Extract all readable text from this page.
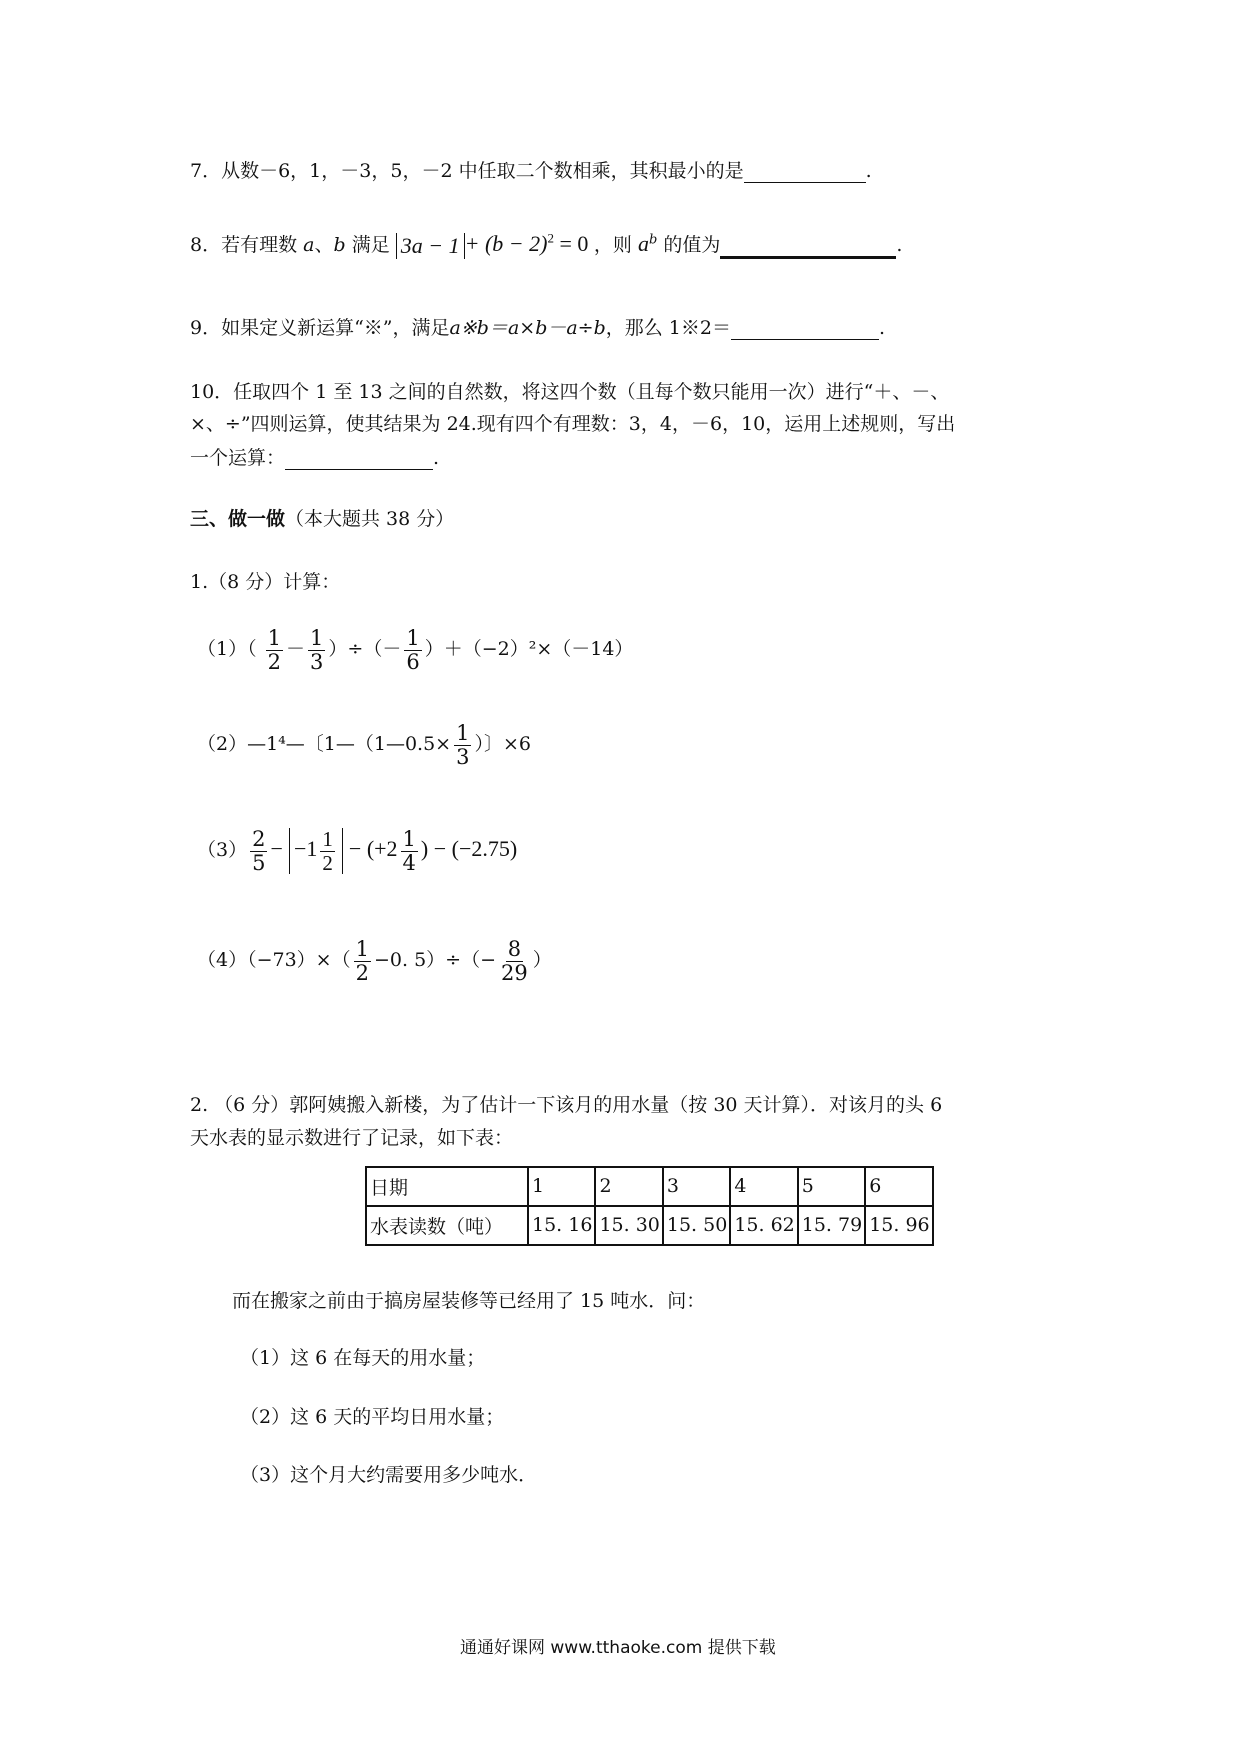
7．从数－6，1，－3，5，－2 中任取二个数相乘，其积最小的是	.
8．若有理数 a、b 满足 $3a - 1 + (b - 2)^2 = 0$ ，则 $a^b$ 的值为	.
9．如果定义新运算“※”，满足a※b＝a×b－a÷b，那么 1※2＝	.
10．任取四个 1 至 13 之间的自然数，将这四个数（且每个数只能用一次）进行“＋、－、
×、÷”四则运算，使其结果为 24.现有四个有理数：3，4，－6，10，运用上述规则，写出
一个运算：	.
三、做一做（本大题共 38 分）
1.（8 分）计算：
$(1)( \frac{1}{2} - \frac{1}{3}$ ）÷（－ $\frac{1}{6} )+(-2)^2\times(-14)$
（2）—1⁴—〔1—（1—0.5× $\frac{1}{3}$ ）〕×6
$(3) \frac{2}{5} - -1 \frac{1}{2} - (+2 \frac{1}{4}$ ) − (−2.75)
$(4)(-73)\times( \frac{1}{2} -0$. $5)\div(- \frac{8}{29}$ ）
2. （6 分）郭阿姨搬入新楼，为了估计一下该月的用水量（按 30 天计算）．对该月的头 6
天水表的显示数进行了记录，如下表：
日期	1	2	3	4	5	6
水表读数（吨）	15. 16	15. 30	15. 50	15. 62	15. 79	15. 96
而在搬家之前由于搞房屋装修等已经用了 15 吨水．问：
（1）这 6 在每天的用水量；
（2）这 6 天的平均日用水量；
（3）这个月大约需要用多少吨水．
通通好课网 www.tthaoke.com 提供下载
